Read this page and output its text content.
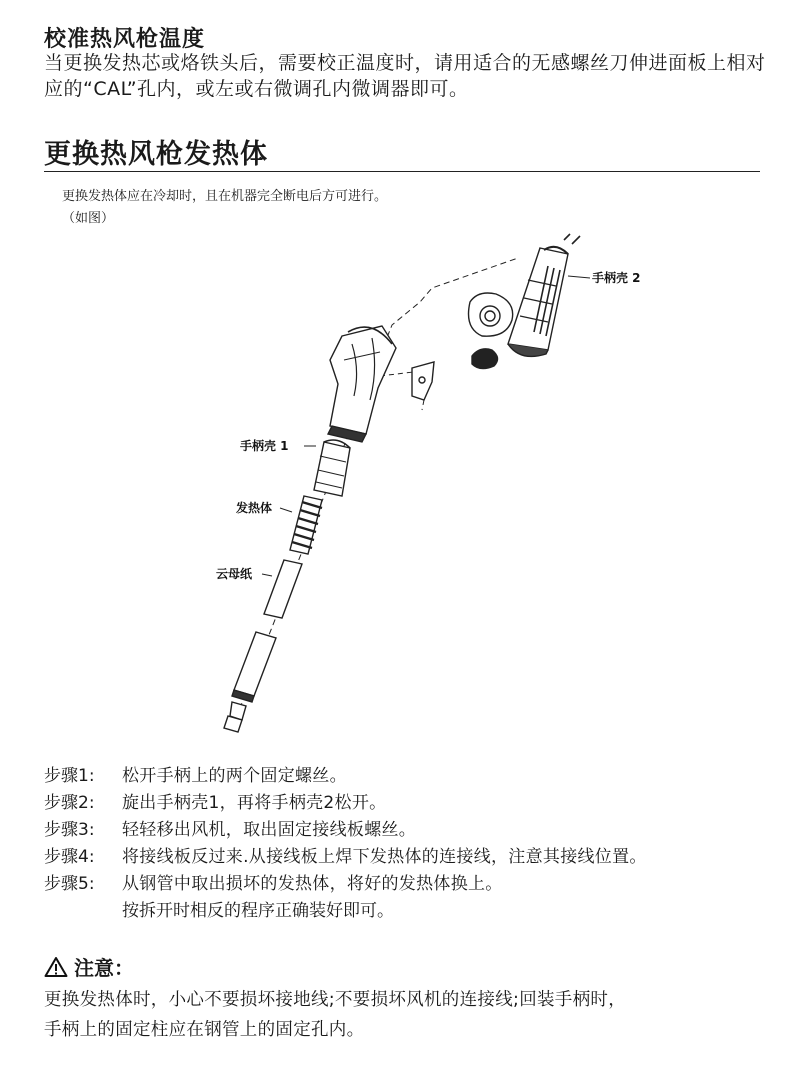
校准热风枪温度
当更换发热芯或烙铁头后，需要校正温度时，请用适合的无感螺丝刀伸进面板上相对应的“CAL”孔内，或左或右微调孔内微调器即可。
更换热风枪发热体
更换发热体应在冷却时，且在机器完全断电后方可进行。
（如图）
手柄壳 2
手柄壳 1
发热体
云母纸
步骤1:	松开手柄上的两个固定螺丝。
步骤2:	旋出手柄壳1，再将手柄壳2松开。
步骤3:	轻轻移出风机，取出固定接线板螺丝。
步骤4:	将接线板反过来.从接线板上焊下发热体的连接线，注意其接线位置。
步骤5:	从钢管中取出损坏的发热体，将好的发热体换上。
按拆开时相反的程序正确装好即可。
注意：
更换发热体时，小心不要损坏接地线;不要损坏风机的连接线;回装手柄时，
手柄上的固定柱应在钢管上的固定孔内。
